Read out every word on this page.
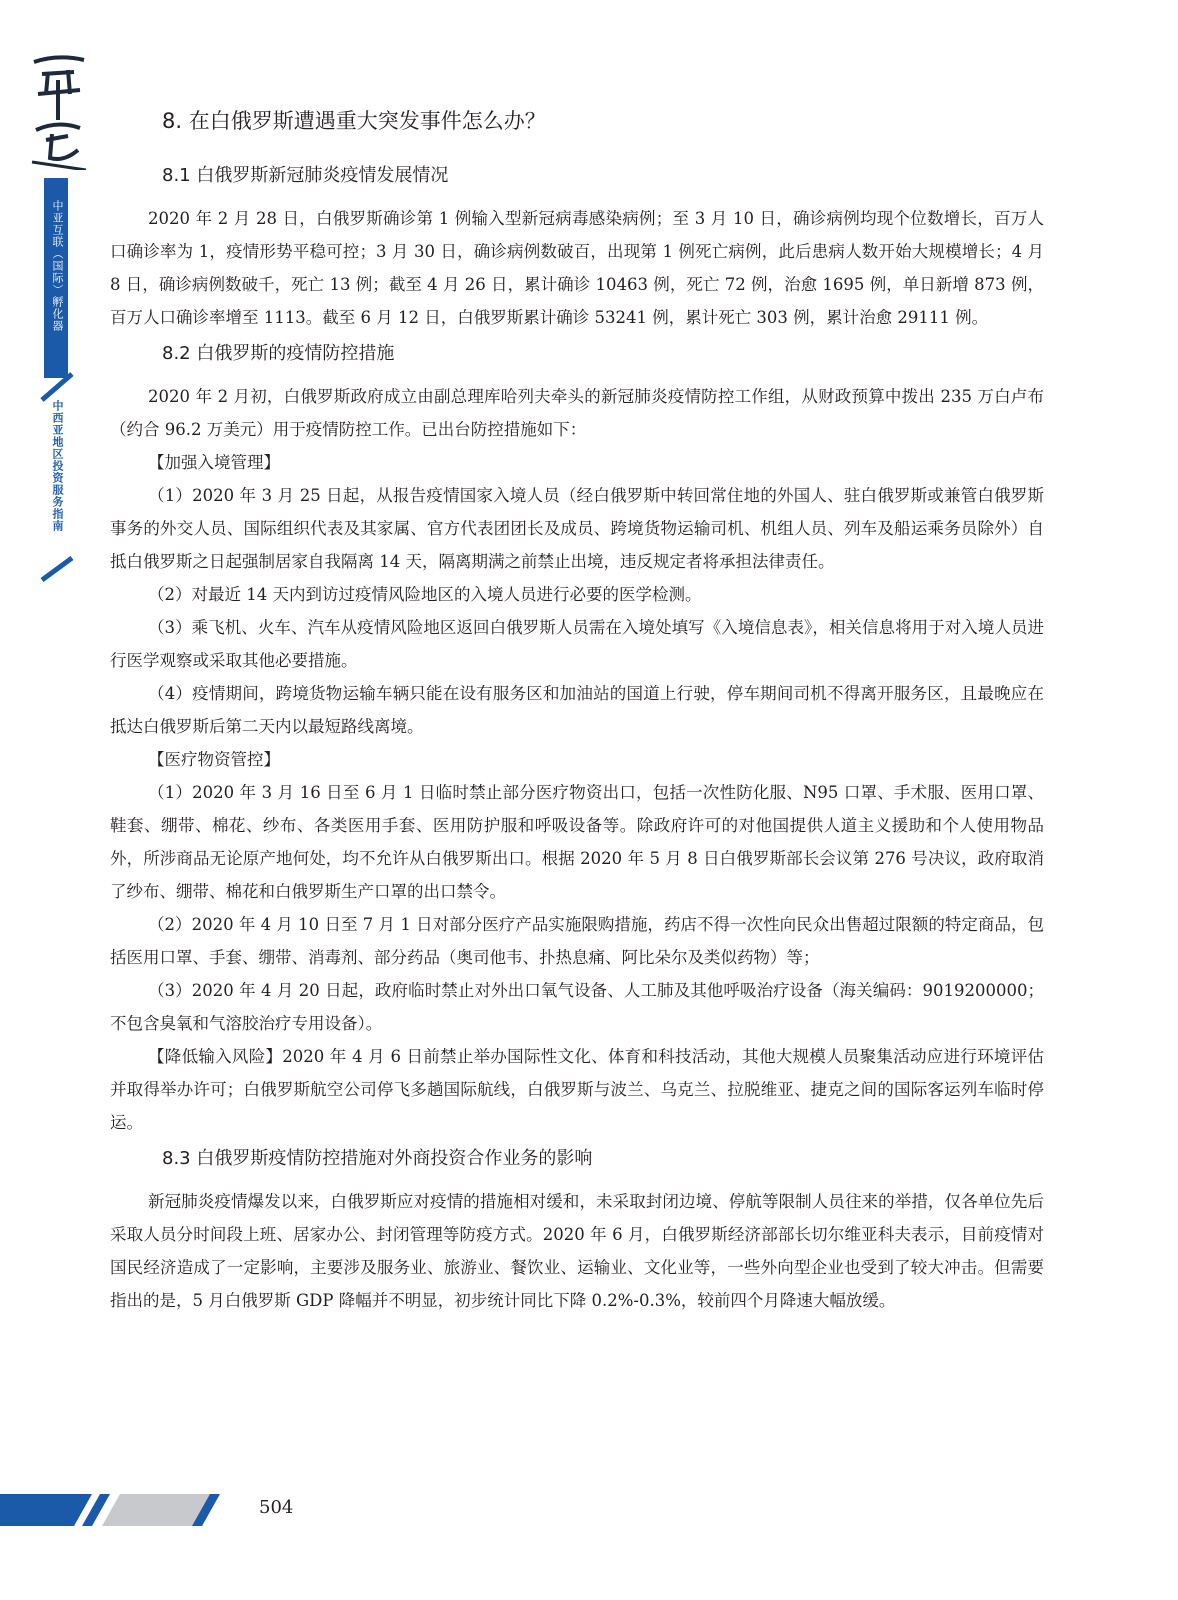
中亚互联（国际）孵化器
中西亚地区投资服务指南
8. 在白俄罗斯遭遇重大突发事件怎么办？
8.1 白俄罗斯新冠肺炎疫情发展情况

2020 年 2 月 28 日，白俄罗斯确诊第 1 例输入型新冠病毒感染病例；至 3 月 10 日，确诊病例均现个位数增长，百万人口确诊率为 1，疫情形势平稳可控；3 月 30 日，确诊病例数破百，出现第 1 例死亡病例，此后患病人数开始大规模增长；4 月 8 日，确诊病例数破千，死亡 13 例；截至 4 月 26 日，累计确诊 10463 例，死亡 72 例，治愈 1695 例，单日新增 873 例，百万人口确诊率增至 1113。截至 6 月 12 日，白俄罗斯累计确诊 53241 例，累计死亡 303 例，累计治愈 29111 例。

8.2 白俄罗斯的疫情防控措施

2020 年 2 月初，白俄罗斯政府成立由副总理库哈列夫牵头的新冠肺炎疫情防控工作组，从财政预算中拨出 235 万白卢布（约合 96.2 万美元）用于疫情防控工作。已出台防控措施如下：

【加强入境管理】

（1）2020 年 3 月 25 日起，从报告疫情国家入境人员（经白俄罗斯中转回常住地的外国人、驻白俄罗斯或兼管白俄罗斯事务的外交人员、国际组织代表及其家属、官方代表团团长及成员、跨境货物运输司机、机组人员、列车及船运乘务员除外）自抵白俄罗斯之日起强制居家自我隔离 14 天，隔离期满之前禁止出境，违反规定者将承担法律责任。

（2）对最近 14 天内到访过疫情风险地区的入境人员进行必要的医学检测。

（3）乘飞机、火车、汽车从疫情风险地区返回白俄罗斯人员需在入境处填写《入境信息表》，相关信息将用于对入境人员进行医学观察或采取其他必要措施。

（4）疫情期间，跨境货物运输车辆只能在设有服务区和加油站的国道上行驶，停车期间司机不得离开服务区，且最晚应在抵达白俄罗斯后第二天内以最短路线离境。

【医疗物资管控】

（1）2020 年 3 月 16 日至 6 月 1 日临时禁止部分医疗物资出口，包括一次性防化服、N95 口罩、手术服、医用口罩、鞋套、绷带、棉花、纱布、各类医用手套、医用防护服和呼吸设备等。除政府许可的对他国提供人道主义援助和个人使用物品外，所涉商品无论原产地何处，均不允许从白俄罗斯出口。根据 2020 年 5 月 8 日白俄罗斯部长会议第 276 号决议，政府取消了纱布、绷带、棉花和白俄罗斯生产口罩的出口禁令。

（2）2020 年 4 月 10 日至 7 月 1 日对部分医疗产品实施限购措施，药店不得一次性向民众出售超过限额的特定商品，包括医用口罩、手套、绷带、消毒剂、部分药品（奥司他韦、扑热息痛、阿比朵尔及类似药物）等；

（3）2020 年 4 月 20 日起，政府临时禁止对外出口氧气设备、人工肺及其他呼吸治疗设备（海关编码：9019200000；不包含臭氧和气溶胶治疗专用设备）。

【降低输入风险】2020 年 4 月 6 日前禁止举办国际性文化、体育和科技活动，其他大规模人员聚集活动应进行环境评估并取得举办许可；白俄罗斯航空公司停飞多趟国际航线，白俄罗斯与波兰、乌克兰、拉脱维亚、捷克之间的国际客运列车临时停运。

8.3 白俄罗斯疫情防控措施对外商投资合作业务的影响

新冠肺炎疫情爆发以来，白俄罗斯应对疫情的措施相对缓和，未采取封闭边境、停航等限制人员往来的举措，仅各单位先后采取人员分时间段上班、居家办公、封闭管理等防疫方式。2020 年 6 月，白俄罗斯经济部部长切尔维亚科夫表示，目前疫情对国民经济造成了一定影响，主要涉及服务业、旅游业、餐饮业、运输业、文化业等，一些外向型企业也受到了较大冲击。但需要指出的是，5 月白俄罗斯 GDP 降幅并不明显，初步统计同比下降 0.2%-0.3%，较前四个月降速大幅放缓。

504
